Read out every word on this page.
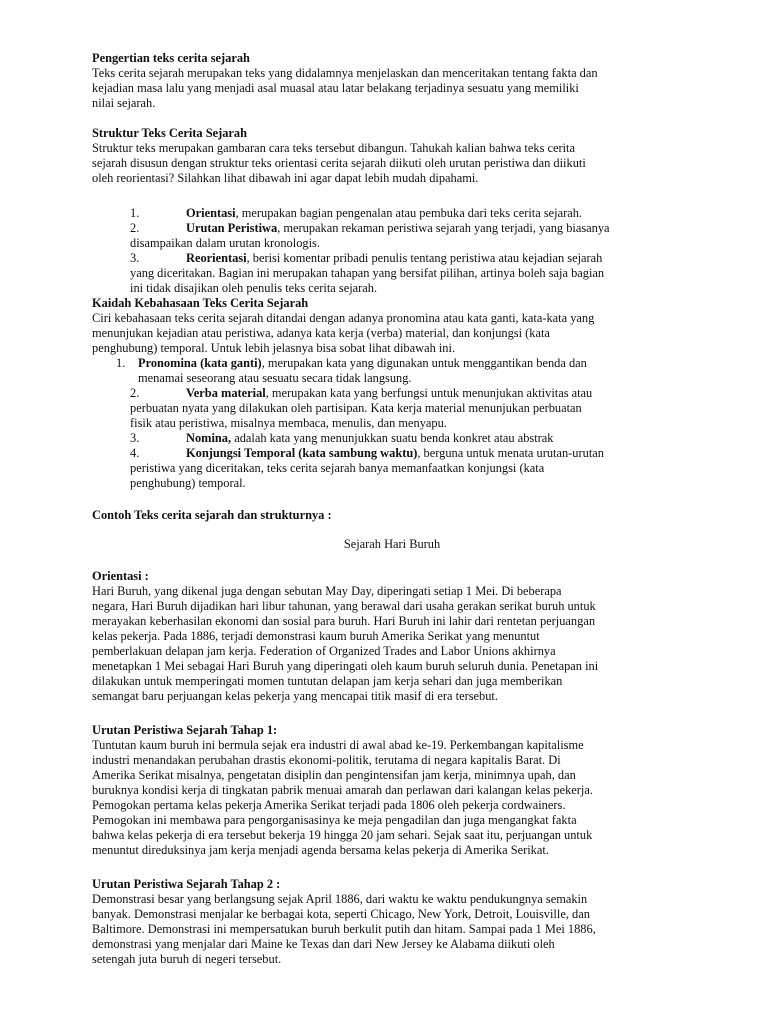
Pengertian teks cerita sejarah

Teks cerita sejarah merupakan teks yang didalamnya menjelaskan dan menceritakan tentang fakta dan

kejadian masa lalu yang menjadi asal muasal atau latar belakang terjadinya sesuatu yang memiliki

nilai sejarah.

Struktur Teks Cerita Sejarah

Struktur teks merupakan gambaran cara teks tersebut dibangun. Tahukah kalian bahwa teks cerita

sejarah disusun dengan struktur teks orientasi cerita sejarah diikuti oleh urutan peristiwa dan diikuti

oleh reorientasi? Silahkan lihat dibawah ini agar dapat lebih mudah dipahami.

1.	Orientasi, merupakan bagian pengenalan atau pembuka dari teks cerita sejarah.

2.	Urutan Peristiwa, merupakan rekaman peristiwa sejarah yang terjadi, yang biasanya

disampaikan dalam urutan kronologis.

3.	Reorientasi, berisi komentar pribadi penulis tentang peristiwa atau kejadian sejarah

yang diceritakan. Bagian ini merupakan tahapan yang bersifat pilihan, artinya boleh saja bagian

ini tidak disajikan oleh penulis teks cerita sejarah.

Kaidah Kebahasaan Teks Cerita Sejarah

Ciri kebahasaan teks cerita sejarah ditandai dengan adanya pronomina atau kata ganti, kata-kata yang

menunjukan kejadian atau peristiwa, adanya kata kerja (verba) material, dan konjungsi (kata

penghubung) temporal. Untuk lebih jelasnya bisa sobat lihat dibawah ini.

1. Pronomina (kata ganti), merupakan kata yang digunakan untuk menggantikan benda dan

menamai seseorang atau sesuatu secara tidak langsung.

2.	Verba material, merupakan kata yang berfungsi untuk menunjukan aktivitas atau

perbuatan nyata yang dilakukan oleh partisipan. Kata kerja material menunjukan perbuatan

fisik atau peristiwa, misalnya membaca, menulis, dan menyapu.

3.	Nomina, adalah kata yang menunjukkan suatu benda konkret atau abstrak

4.	Konjungsi Temporal (kata sambung waktu), berguna untuk menata urutan-urutan

peristiwa yang diceritakan, teks cerita sejarah banya memanfaatkan konjungsi (kata

penghubung) temporal.

Contoh Teks cerita sejarah dan strukturnya :

Sejarah Hari Buruh

Orientasi :

Hari Buruh, yang dikenal juga dengan sebutan May Day, diperingati setiap 1 Mei. Di beberapa

negara, Hari Buruh dijadikan hari libur tahunan, yang berawal dari usaha gerakan serikat buruh untuk

merayakan keberhasilan ekonomi dan sosial para buruh. Hari Buruh ini lahir dari rentetan perjuangan

kelas pekerja. Pada 1886, terjadi demonstrasi kaum buruh Amerika Serikat yang menuntut

pemberlakuan delapan jam kerja. Federation of Organized Trades and Labor Unions akhirnya

menetapkan 1 Mei sebagai Hari Buruh yang diperingati oleh kaum buruh seluruh dunia. Penetapan ini

dilakukan untuk memperingati momen tuntutan delapan jam kerja sehari dan juga memberikan

semangat baru perjuangan kelas pekerja yang mencapai titik masif di era tersebut.

Urutan Peristiwa Sejarah Tahap 1:

Tuntutan kaum buruh ini bermula sejak era industri di awal abad ke-19. Perkembangan kapitalisme

industri menandakan perubahan drastis ekonomi-politik, terutama di negara kapitalis Barat. Di

Amerika Serikat misalnya, pengetatan disiplin dan pengintensifan jam kerja, minimnya upah, dan

buruknya kondisi kerja di tingkatan pabrik menuai amarah dan perlawan dari kalangan kelas pekerja.

Pemogokan pertama kelas pekerja Amerika Serikat terjadi pada 1806 oleh pekerja cordwainers.

Pemogokan ini membawa para pengorganisasinya ke meja pengadilan dan juga mengangkat fakta

bahwa kelas pekerja di era tersebut bekerja 19 hingga 20 jam sehari. Sejak saat itu, perjuangan untuk

menuntut direduksinya jam kerja menjadi agenda bersama kelas pekerja di Amerika Serikat.

Urutan Peristiwa Sejarah Tahap 2 :

Demonstrasi besar yang berlangsung sejak April 1886, dari waktu ke waktu pendukungnya semakin

banyak. Demonstrasi menjalar ke berbagai kota, seperti Chicago, New York, Detroit, Louisville, dan

Baltimore. Demonstrasi ini mempersatukan buruh berkulit putih dan hitam. Sampai pada 1 Mei 1886,

demonstrasi yang menjalar dari Maine ke Texas dan dari New Jersey ke Alabama diikuti oleh

setengah juta buruh di negeri tersebut.
